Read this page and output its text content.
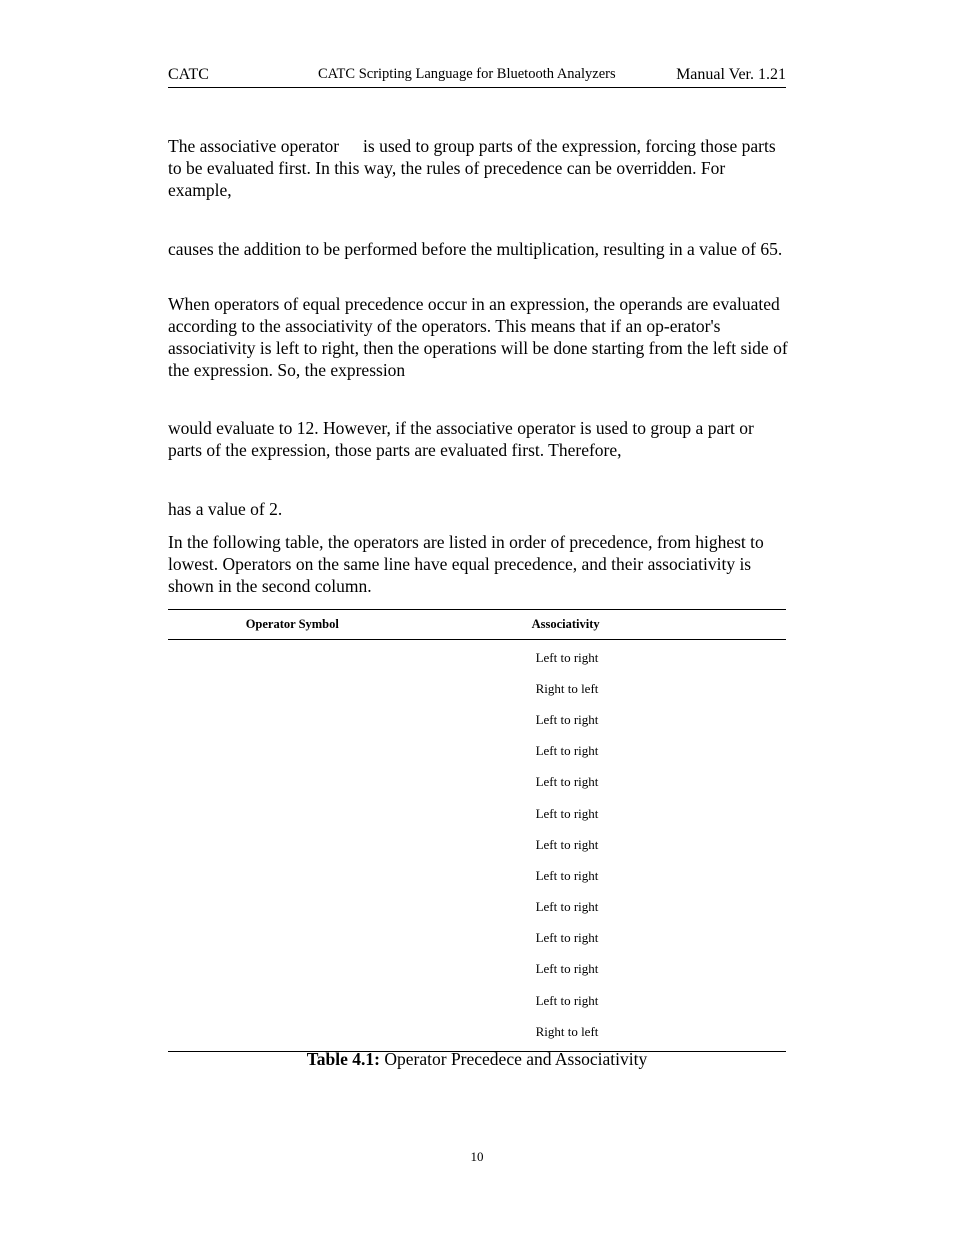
CATC	CATC Scripting Language for Bluetooth Analyzers	Manual Ver. 1.21

The associative operator is used to group parts of the expression, forcing those parts to be evaluated first. In this way, the rules of precedence can be overridden. For example,

causes the addition to be performed before the multiplication, resulting in a value of 65.

When operators of equal precedence occur in an expression, the operands are evaluated according to the associativity of the operators. This means that if an op-erator's associativity is left to right, then the operations will be done starting from the left side of the expression. So, the expression

would evaluate to 12. However, if the associative operator is used to group a part or parts of the expression, those parts are evaluated first. Therefore,

has a value of 2.

In the following table, the operators are listed in order of precedence, from highest to lowest. Operators on the same line have equal precedence, and their associativity is shown in the second column.

Operator Symbol	Associativity
	Left to right
	Right to left
	Left to right
	Left to right
	Left to right
	Left to right
	Left to right
	Left to right
	Left to right
	Left to right
	Left to right
	Left to right
	Right to left
Table 4.1: Operator Precedece and Associativity
10
